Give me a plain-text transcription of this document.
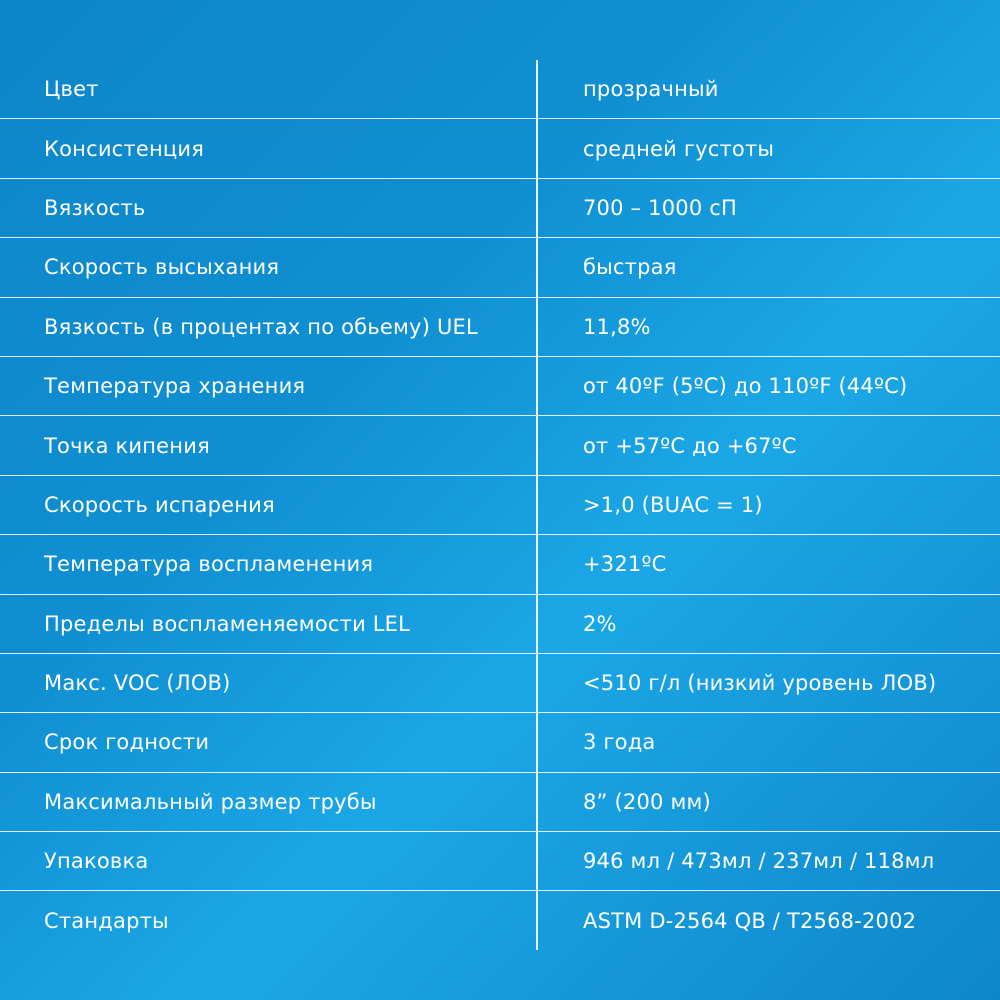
Цвет	прозрачный
Консистенция	средней густоты
Вязкость	700 – 1000 сП
Скорость высыхания	быстрая
Вязкость (в процентах по обьему) UEL	11,8%
Температура хранения	от 40ºF (5ºC) до 110ºF (44ºC)
Точка кипения	от +57ºC до +67ºC
Скорость испарения	>1,0 (BUAC = 1)
Температура воспламенения	+321ºC
Пределы воспламеняемости LEL	2%
Макс. VOC (ЛОВ)	<510 г/л (низкий уровень ЛОВ)
Срок годности	3 года
Максимальный размер трубы	8” (200 мм)
Упаковка	946 мл / 473мл / 237мл / 118мл
Стандарты	ASTM D-2564 QB / T2568-2002
